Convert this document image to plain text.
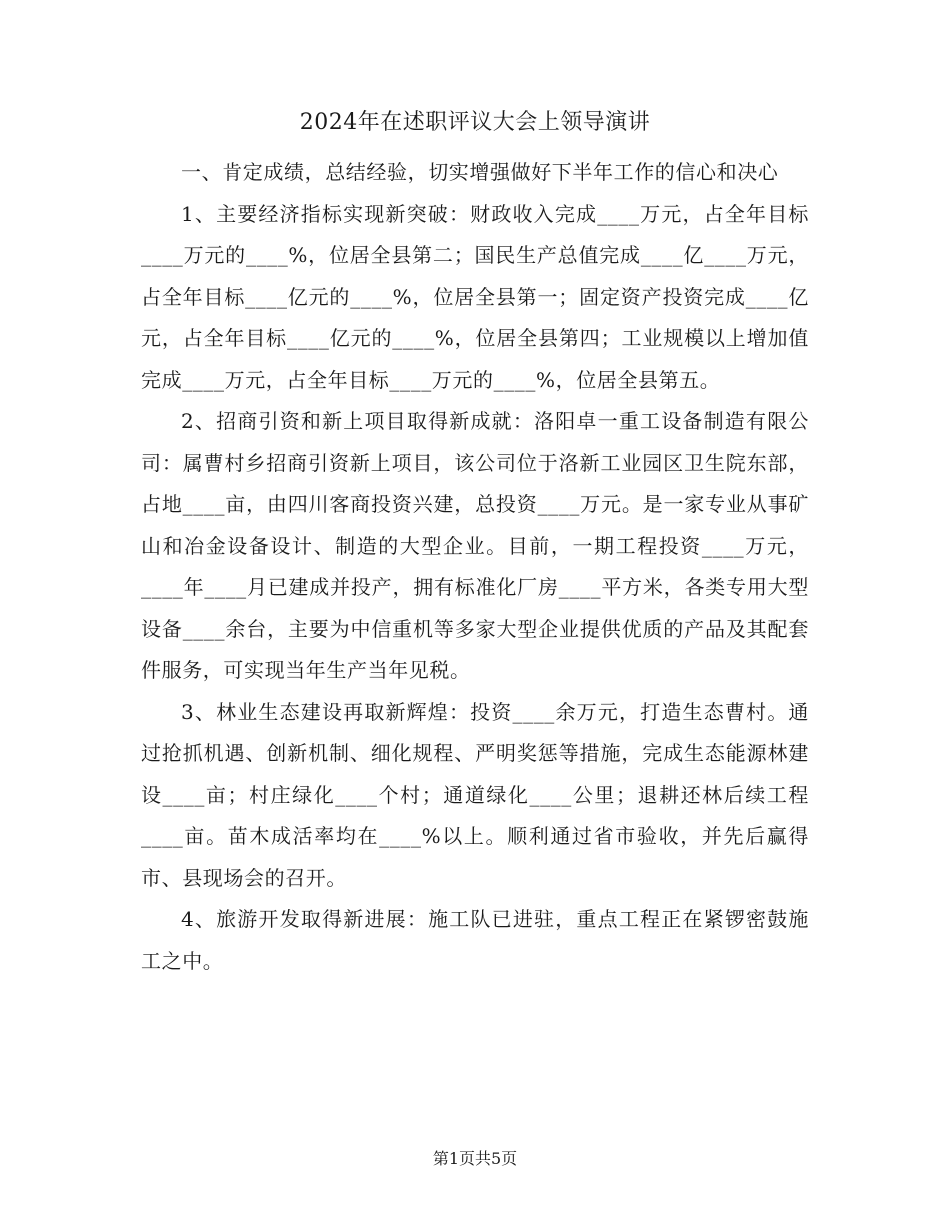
2024年在述职评议大会上领导演讲

一、肯定成绩，总结经验，切实增强做好下半年工作的信心和决心

1、主要经济指标实现新突破：财政收入完成____万元，占全年目标____万元的____%，位居全县第二；国民生产总值完成____亿____万元，占全年目标____亿元的____%，位居全县第一；固定资产投资完成____亿元，占全年目标____亿元的____%，位居全县第四；工业规模以上增加值完成____万元，占全年目标____万元的____%，位居全县第五。

2、招商引资和新上项目取得新成就：洛阳卓一重工设备制造有限公司：属曹村乡招商引资新上项目，该公司位于洛新工业园区卫生院东部，占地____亩，由四川客商投资兴建，总投资____万元。是一家专业从事矿山和冶金设备设计、制造的大型企业。目前，一期工程投资____万元，____年____月已建成并投产，拥有标准化厂房____平方米，各类专用大型设备____余台，主要为中信重机等多家大型企业提供优质的产品及其配套件服务，可实现当年生产当年见税。

3、林业生态建设再取新辉煌：投资____余万元，打造生态曹村。通过抢抓机遇、创新机制、细化规程、严明奖惩等措施，完成生态能源林建设____亩；村庄绿化____个村；通道绿化____公里；退耕还林后续工程____亩。苗木成活率均在____%以上。顺利通过省市验收，并先后赢得市、县现场会的召开。

4、旅游开发取得新进展：施工队已进驻，重点工程正在紧锣密鼓施工之中。

第1页共5页
